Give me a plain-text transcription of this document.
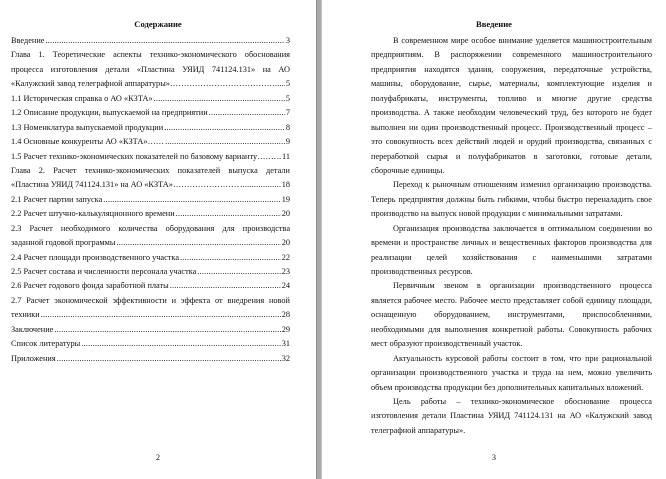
Содержание
Введение .....	3
Глава 1. Теоретические аспекты технико-экономического обоснования
процесса изготовления детали «Пластина УЯИД 741124.131» на АО
«Калужский завод телеграфной аппаратуры»………………………………. ..... 5
1.1 Историческая справка о АО «КЗТА» .....	5
1.2 Описание продукции, выпускаемой на предприятии .....	7
1.3 Номенклатура выпускаемой продукции .....	8
1.4 Основные конкуренты АО «КЗТА»…… .....	9
1.5 Расчет технико-экономических показателей по базовому варианту……. ..... 11
Глава 2. Расчет технико-экономических показателей выпуска детали
«Пластина УЯИД 741124.131» на АО «КЗТА»…………………… .....	18
2.1 Расчет партии запуска .....	19
2.2 Расчет штучно-калькуляционного времени .....	20
2.3 Расчет необходимого количества оборудования для производства
заданной годовой программы .....	20
2.4 Расчет площади производственного участка .....	22
2.5 Расчет состава и численности персонала участка .....	23
2.6 Расчет годового фонда заработной платы .....	24
2.7 Расчет экономической эффективности и эффекта от внедрения новой
техники .....	28
Заключение .....	29
Список литературы .....	31
Приложения .....	32
2
Введение
В современном мире особое внимание уделяется машиностроительным
предприятиям. В распоряжении современного машиностроительного
предприятия находятся здания, сооружения, передаточные устройства,
машины, оборудование, сырье, материалы, комплектующие изделия и
полуфабрикаты, инструменты, топливо и многие другие средства
производства. А также необходим человеческий труд, без которого не будет
выполнен ни один производственный процесс. Производственный процесс –
это совокупность всех действий людей и орудий производства, связанных с
переработкой сырья и полуфабрикатов в заготовки, готовые детали,
сборочные единицы.
Переход к рыночным отношениям изменил организацию производства.
Теперь предприятия должны быть гибкими, чтобы быстро переналадить свое
производство на выпуск новой продукции с минимальными затратами.
Организация производства заключается в оптимальном соединении во
времени и пространстве личных и вещественных факторов производства для
реализации целей хозяйствования с наименьшими затратами
производственных ресурсов.
Первичным звеном в организации производственного процесса
является рабочее место. Рабочее место представляет собой единицу площади,
оснащенную оборудованием, инструментами, приспособлениями,
необходимыми для выполнения конкретной работы. Совокупность рабочих
мест образуют производственный участок.
Актуальность курсовой работы состоит в том, что при рациональной
организации производственного участка и труда на нем, можно увеличить
объем производства продукции без дополнительных капитальных вложений.
Цель работы – технико-экономическое обоснование процесса
изготовления детали Пластина УЯИД 741124.131 на АО «Калужский завод
телеграфной аппаратуры».
3
